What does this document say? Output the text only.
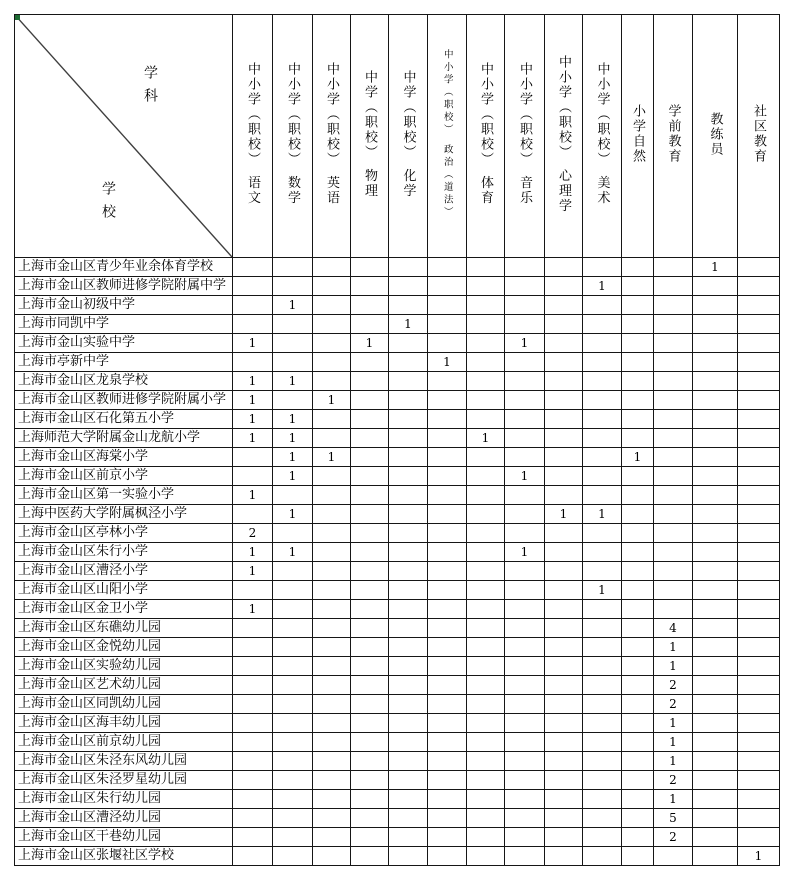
学科
学校	中小学（职校）　语文	中小学（职校）　数学	中小学（职校）　英语	中学（职校）　物理	中学（职校）　化学	中小学（职校）　政治（道法）	中小学（职校）　体育	中小学（职校）　音乐	中小学（职校）　心理学	中小学（职校）　美术	小学自然	学前教育	教练员	社区教育
上海市金山区青少年业余体育学校													1	
上海市金山区教师进修学院附属中学										1				
上海市金山初级中学		1												
上海市同凯中学					1									
上海市金山实验中学	1			1				1						
上海市亭新中学						1								
上海市金山区龙泉学校	1	1												
上海市金山区教师进修学院附属小学	1		1											
上海市金山区石化第五小学	1	1												
上海师范大学附属金山龙航小学	1	1					1							
上海市金山区海棠小学		1	1								1			
上海市金山区前京小学		1						1						
上海市金山区第一实验小学	1													
上海中医药大学附属枫泾小学		1							1	1				
上海市金山区亭林小学	2													
上海市金山区朱行小学	1	1						1						
上海市金山区漕泾小学	1													
上海市金山区山阳小学										1				
上海市金山区金卫小学	1													
上海市金山区东礁幼儿园												4		
上海市金山区金悦幼儿园												1		
上海市金山区实验幼儿园												1		
上海市金山区艺术幼儿园												2		
上海市金山区同凯幼儿园												2		
上海市金山区海丰幼儿园												1		
上海市金山区前京幼儿园												1		
上海市金山区朱泾东风幼儿园												1		
上海市金山区朱泾罗星幼儿园												2		
上海市金山区朱行幼儿园												1		
上海市金山区漕泾幼儿园												5		
上海市金山区干巷幼儿园												2		
上海市金山区张堰社区学校														1
